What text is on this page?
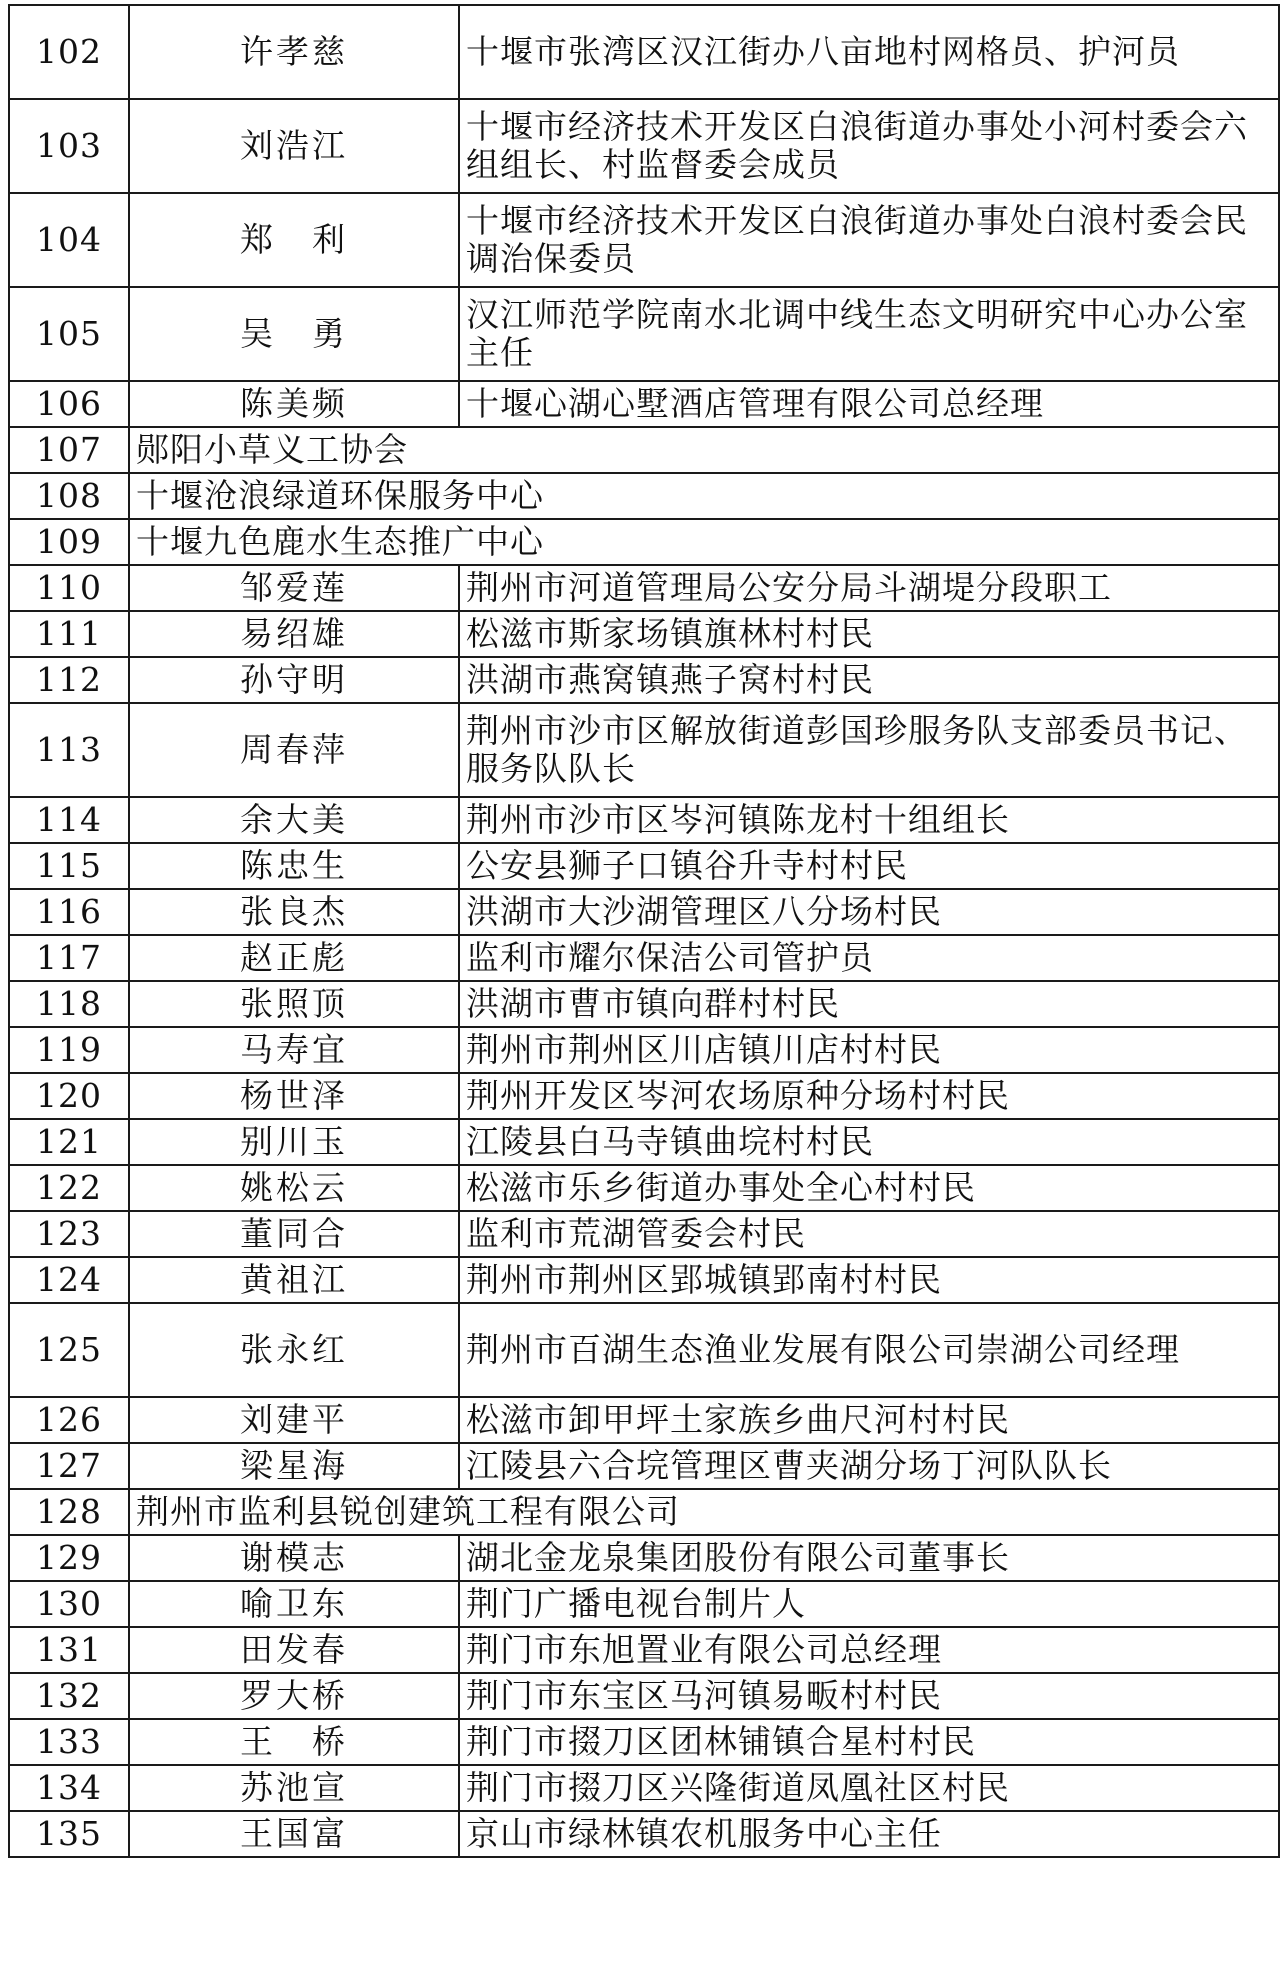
102	许孝慈	十堰市张湾区汉江街办八亩地村网格员、护河员
103	刘浩江	十堰市经济技术开发区白浪街道办事处小河村委会六组组长、村监督委会成员
104	郑　利	十堰市经济技术开发区白浪街道办事处白浪村委会民调治保委员
105	吴　勇	汉江师范学院南水北调中线生态文明研究中心办公室主任
106	陈美频	十堰心湖心墅酒店管理有限公司总经理
107	郧阳小草义工协会	
108	十堰沧浪绿道环保服务中心	
109	十堰九色鹿水生态推广中心	
110	邹爱莲	荆州市河道管理局公安分局斗湖堤分段职工
111	易绍雄	松滋市斯家场镇旗林村村民
112	孙守明	洪湖市燕窝镇燕子窝村村民
113	周春萍	荆州市沙市区解放街道彭国珍服务队支部委员书记、服务队队长
114	余大美	荆州市沙市区岑河镇陈龙村十组组长
115	陈忠生	公安县狮子口镇谷升寺村村民
116	张良杰	洪湖市大沙湖管理区八分场村民
117	赵正彪	监利市耀尔保洁公司管护员
118	张照顶	洪湖市曹市镇向群村村民
119	马寿宜	荆州市荆州区川店镇川店村村民
120	杨世泽	荆州开发区岑河农场原种分场村村民
121	别川玉	江陵县白马寺镇曲垸村村民
122	姚松云	松滋市乐乡街道办事处全心村村民
123	董同合	监利市荒湖管委会村民
124	黄祖江	荆州市荆州区郢城镇郢南村村民
125	张永红	荆州市百湖生态渔业发展有限公司崇湖公司经理
126	刘建平	松滋市卸甲坪土家族乡曲尺河村村民
127	梁星海	江陵县六合垸管理区曹夹湖分场丁河队队长
128	荆州市监利县锐创建筑工程有限公司	
129	谢模志	湖北金龙泉集团股份有限公司董事长
130	喻卫东	荆门广播电视台制片人
131	田发春	荆门市东旭置业有限公司总经理
132	罗大桥	荆门市东宝区马河镇易畈村村民
133	王　桥	荆门市掇刀区团林铺镇合星村村民
134	苏池宣	荆门市掇刀区兴隆街道凤凰社区村民
135	王国富	京山市绿林镇农机服务中心主任
